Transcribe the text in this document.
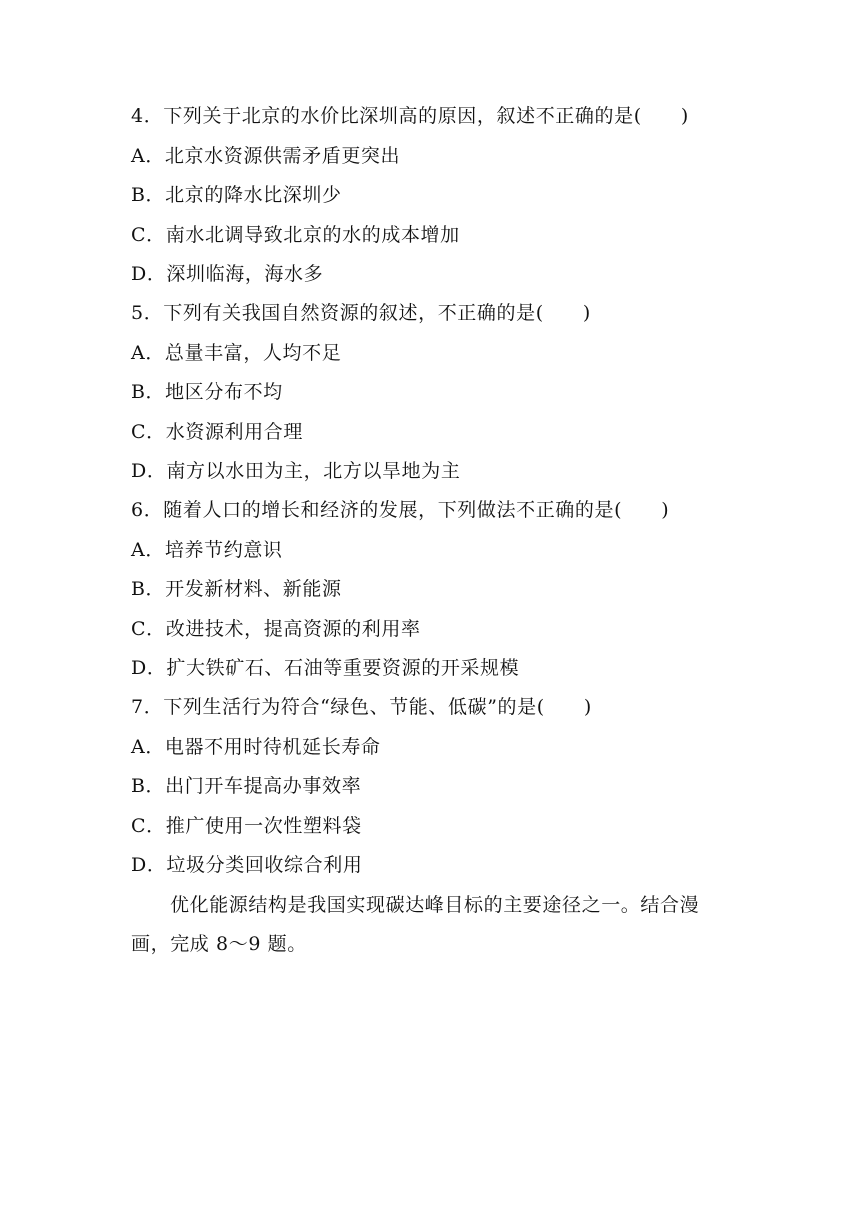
4．下列关于北京的水价比深圳高的原因，叙述不正确的是(　　)
A．北京水资源供需矛盾更突出
B．北京的降水比深圳少
C．南水北调导致北京的水的成本增加
D．深圳临海，海水多
5．下列有关我国自然资源的叙述，不正确的是(　　)
A．总量丰富，人均不足
B．地区分布不均
C．水资源利用合理
D．南方以水田为主，北方以旱地为主
6．随着人口的增长和经济的发展，下列做法不正确的是(　　)
A．培养节约意识
B．开发新材料、新能源
C．改进技术，提高资源的利用率
D．扩大铁矿石、石油等重要资源的开采规模
7．下列生活行为符合“绿色、节能、低碳”的是(　　)
A．电器不用时待机延长寿命
B．出门开车提高办事效率
C．推广使用一次性塑料袋
D．垃圾分类回收综合利用
优化能源结构是我国实现碳达峰目标的主要途径之一。结合漫
画，完成 8～9 题。
